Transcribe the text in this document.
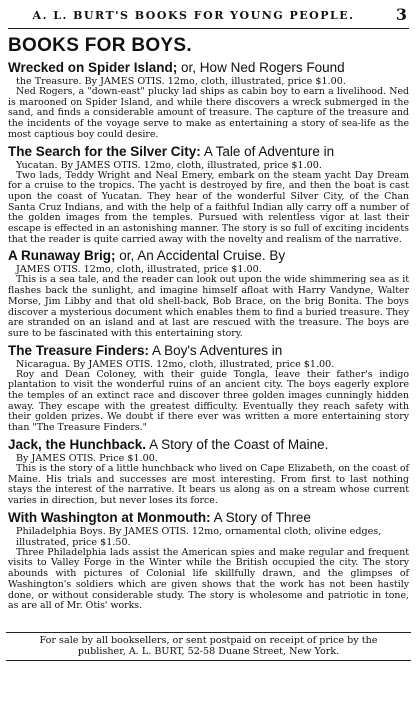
A. L. BURT'S BOOKS FOR YOUNG PEOPLE.	3
BOOKS FOR BOYS.

Wrecked on Spider Island; or, How Ned Rogers Found

the Treasure. By JAMES OTIS. 12mo, cloth, illustrated, price $1.00.

Ned Rogers, a "down-east" plucky lad ships as cabin boy to earn a livelihood. Ned is marooned on Spider Island, and while there discovers a wreck submerged in the sand, and finds a considerable amount of treasure. The capture of the treasure and the incidents of the voyage serve to make as entertaining a story of sea-life as the most captious boy could desire.

The Search for the Silver City: A Tale of Adventure in

Yucatan. By JAMES OTIS. 12mo, cloth, illustrated, price $1.00.

Two lads, Teddy Wright and Neal Emery, embark on the steam yacht Day Dream for a cruise to the tropics. The yacht is destroyed by fire, and then the boat is cast upon the coast of Yucatan. They hear of the wonderful Silver City, of the Chan Santa Cruz Indians, and with the help of a faithful Indian ally carry off a number of the golden images from the temples. Pursued with relentless vigor at last their escape is effected in an astonishing manner. The story is so full of exciting incidents that the reader is quite carried away with the novelty and realism of the narrative.

A Runaway Brig; or, An Accidental Cruise. By

JAMES OTIS. 12mo, cloth, illustrated, price $1.00.

This is a sea tale, and the reader can look out upon the wide shimmering sea as it flashes back the sunlight, and imagine himself afloat with Harry Vandyne, Walter Morse, Jim Libby and that old shell-back, Bob Brace, on the brig Bonita. The boys discover a mysterious document which enables them to find a buried treasure. They are stranded on an island and at last are rescued with the treasure. The boys are sure to be fascinated with this entertaining story.

The Treasure Finders: A Boy's Adventures in

Nicaragua. By JAMES OTIS. 12mo, cloth, illustrated, price $1.00.

Roy and Dean Coloney, with their guide Tongla, leave their father's indigo plantation to visit the wonderful ruins of an ancient city. The boys eagerly explore the temples of an extinct race and discover three golden images cunningly hidden away. They escape with the greatest difficulty. Eventually they reach safety with their golden prizes. We doubt if there ever was written a more entertaining story than "The Treasure Finders."

Jack, the Hunchback. A Story of the Coast of Maine.

By JAMES OTIS. Price $1.00.

This is the story of a little hunchback who lived on Cape Elizabeth, on the coast of Maine. His trials and successes are most interesting. From first to last nothing stays the interest of the narrative. It bears us along as on a stream whose current varies in direction, but never loses its force.

With Washington at Monmouth: A Story of Three

Philadelphia Boys. By JAMES OTIS. 12mo, ornamental cloth, olivine edges, illustrated, price $1.50.

Three Philadelphia lads assist the American spies and make regular and frequent visits to Valley Forge in the Winter while the British occupied the city. The story abounds with pictures of Colonial life skillfully drawn, and the glimpses of Washington's soldiers which are given shows that the work has not been hastily done, or without considerable study. The story is wholesome and patriotic in tone, as are all of Mr. Otis' works.

For sale by all booksellers, or sent postpaid on receipt of price by the

publisher, A. L. BURT, 52-58 Duane Street, New York.
